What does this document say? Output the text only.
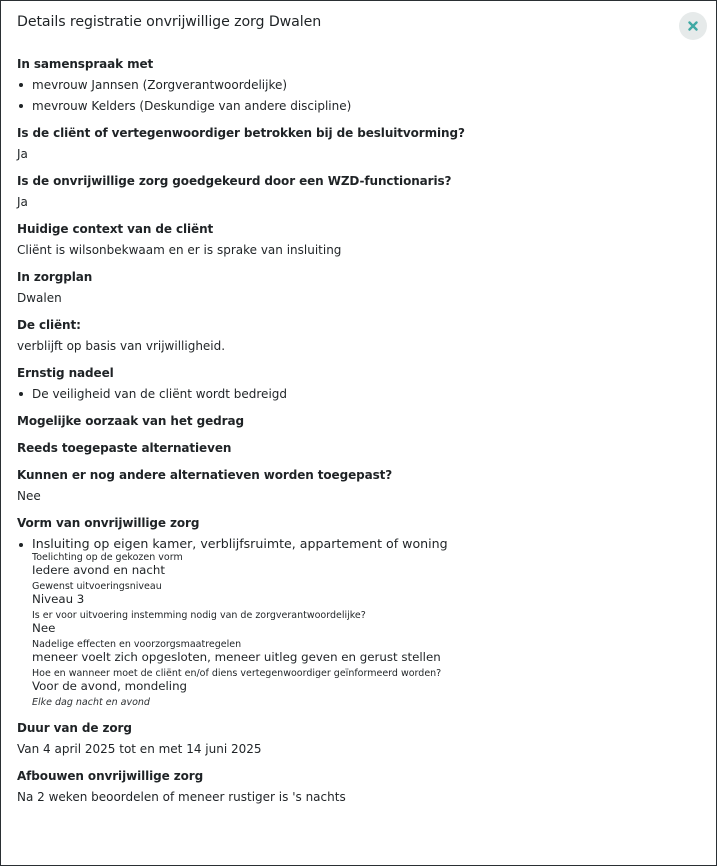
Details registratie onvrijwillige zorg Dwalen
In samenspraak met
mevrouw Jannsen (Zorgverantwoordelijke)
mevrouw Kelders (Deskundige van andere discipline)
Is de cliënt of vertegenwoordiger betrokken bij de besluitvorming?
Ja
Is de onvrijwillige zorg goedgekeurd door een WZD-functionaris?
Ja
Huidige context van de cliënt
Cliënt is wilsonbekwaam en er is sprake van insluiting
In zorgplan
Dwalen
De cliënt:
verblijft op basis van vrijwilligheid.
Ernstig nadeel
De veiligheid van de cliënt wordt bedreigd
Mogelijke oorzaak van het gedrag
Reeds toegepaste alternatieven
Kunnen er nog andere alternatieven worden toegepast?
Nee
Vorm van onvrijwillige zorg
Insluiting op eigen kamer, verblijfsruimte, appartement of woning
Toelichting op de gekozen vorm
Iedere avond en nacht
Gewenst uitvoeringsniveau
Niveau 3
Is er voor uitvoering instemming nodig van de zorgverantwoordelijke?
Nee
Nadelige effecten en voorzorgsmaatregelen
meneer voelt zich opgesloten, meneer uitleg geven en gerust stellen
Hoe en wanneer moet de cliënt en/of diens vertegenwoordiger geïnformeerd worden?
Voor de avond, mondeling
Elke dag nacht en avond
Duur van de zorg
Van 4 april 2025 tot en met 14 juni 2025
Afbouwen onvrijwillige zorg
Na 2 weken beoordelen of meneer rustiger is 's nachts
